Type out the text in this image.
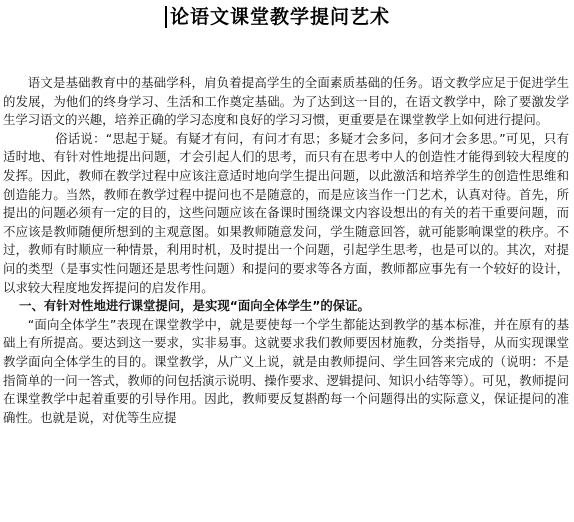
论语文课堂教学提问艺术

语文是基础教育中的基础学科，肩负着提高学生的全面素质基础的任务。语文教学应足于促进学生的发展，为他们的终身学习、生活和工作奠定基础。为了达到这一目的，在语文教学中，除了要激发学生学习语文的兴趣，培养正确的学习态度和良好的学习习惯，更重要是在课堂教学上如何进行提问。

俗话说：“思起于疑。有疑才有问，有问才有思；多疑才会多问，多问才会多思。”可见，只有适时地、有针对性地提出问题，才会引起人们的思考，而只有在思考中人的创造性才能得到较大程度的发挥。因此，教师在教学过程中应该注意适时地向学生提出问题，以此激活和培养学生的创造性思维和创造能力。当然，教师在教学过程中提问也不是随意的，而是应该当作一门艺术，认真对待。首先，所提出的问题必须有一定的目的，这些问题应该在备课时围绕课文内容设想出的有关的若干重要问题，而不应该是教师随便所想到的主观意图。如果教师随意发问，学生随意回答，就可能影响课堂的秩序。不过，教师有时顺应一种情景，利用时机，及时提出一个问题，引起学生思考，也是可以的。其次，对提问的类型（是事实性问题还是思考性问题）和提问的要求等各方面，教师都应事先有一个较好的设计，以求较大程度地发挥提问的启发作用。

一、有针对性地进行课堂提问，是实现“面向全体学生”的保证。

“面向全体学生”表现在课堂教学中，就是要使每一个学生都能达到教学的基本标准，并在原有的基础上有所提高。要达到这一要求，实非易事。这就要求我们教师要因材施教，分类指导，从而实现课堂教学面向全体学生的目的。课堂教学，从广义上说，就是由教师提问、学生回答来完成的（说明：不是指简单的一问一答式，教师的问包括演示说明、操作要求、逻辑提问、知识小结等等）。可见，教师提问在课堂教学中起着重要的引导作用。因此，教师要反复斟酌每一个问题得出的实际意义，保证提问的准确性。也就是说，对优等生应提
